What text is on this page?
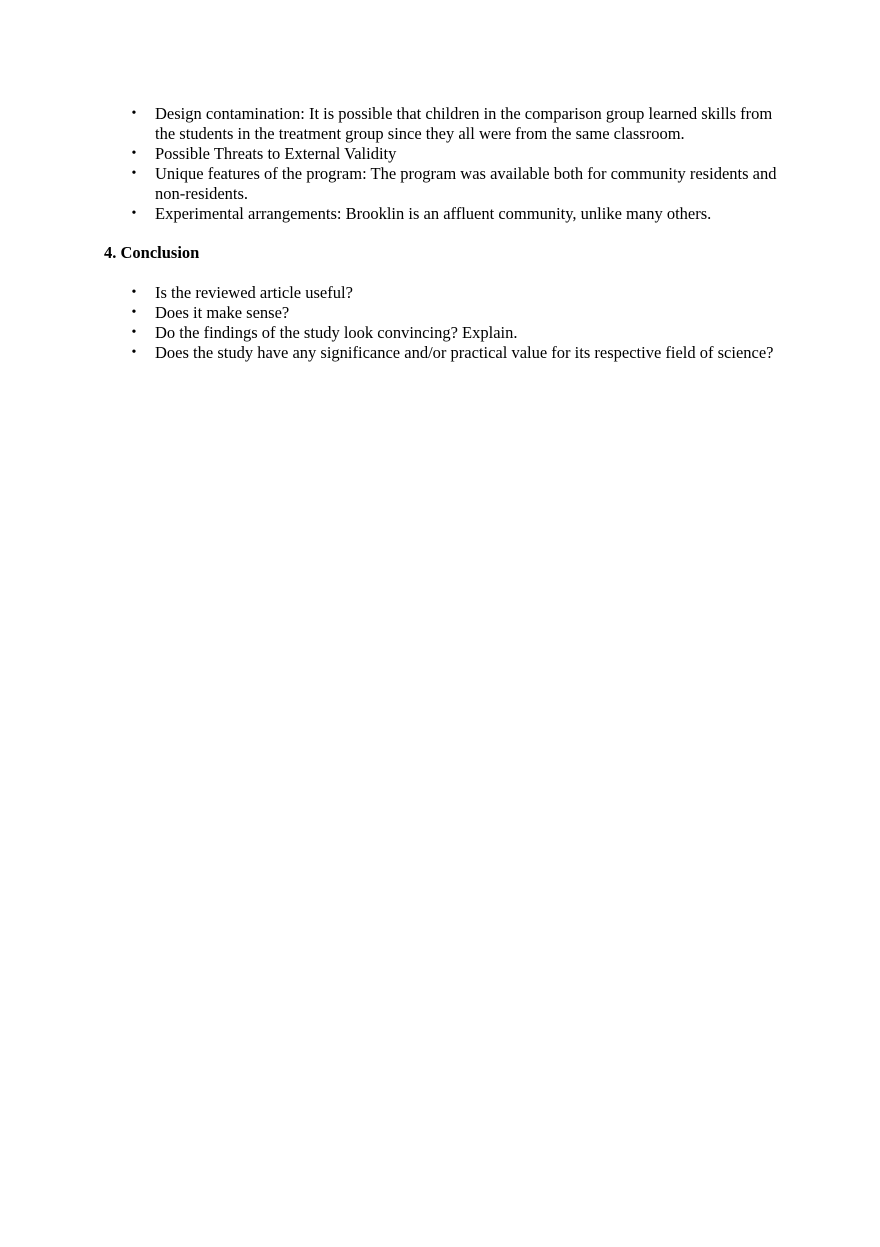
• Design contamination: It is possible that children in the comparison group learned skills from the students in the treatment group since they all were from the same classroom.
• Possible Threats to External Validity
• Unique features of the program: The program was available both for community residents and non-residents.
• Experimental arrangements: Brooklin is an affluent community, unlike many others.
4. Conclusion
• Is the reviewed article useful?
• Does it make sense?
• Do the findings of the study look convincing? Explain.
• Does the study have any significance and/or practical value for its respective field of science?
